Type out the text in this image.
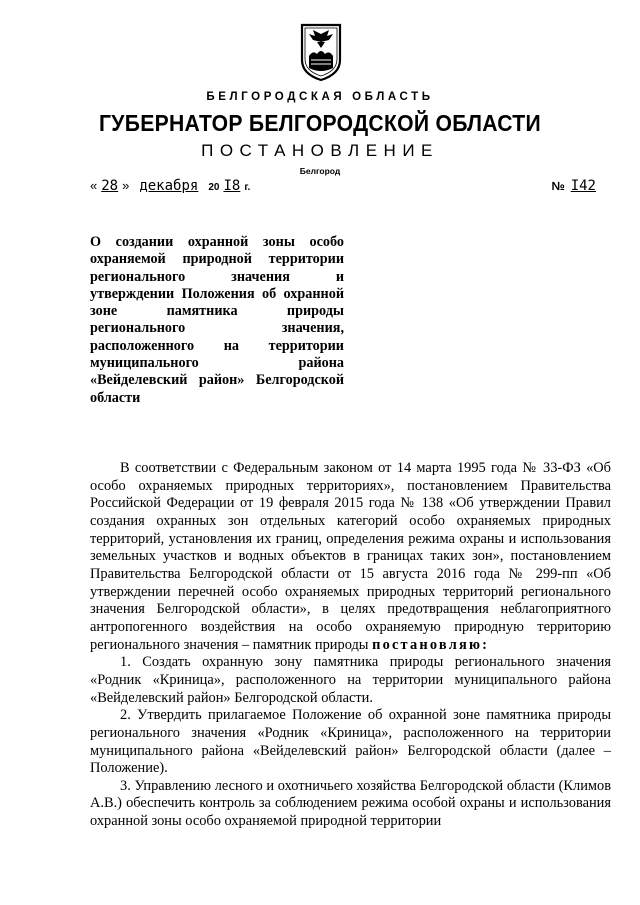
БЕЛГОРОДСКАЯ ОБЛАСТЬ
ГУБЕРНАТОР БЕЛГОРОДСКОЙ ОБЛАСТИ
ПОСТАНОВЛЕНИЕ
Белгород
« 28 » декабря 20 I8 г.	№ I42
О создании охранной зоны особо охраняемой природной территории регионального значения и утверждении Положения об охранной зоне памятника природы регионального значения, расположенного на территории муниципального района «Вейделевский район» Белгородской области

В соответствии с Федеральным законом от 14 марта 1995 года № 33-ФЗ «Об особо охраняемых природных территориях», постановлением Правительства Российской Федерации от 19 февраля 2015 года № 138 «Об утверждении Правил создания охранных зон отдельных категорий особо охраняемых природных территорий, установления их границ, определения режима охраны и использования земельных участков и водных объектов в границах таких зон», постановлением Правительства Белгородской области от 15 августа 2016 года № 299-пп «Об утверждении перечней особо охраняемых природных территорий регионального значения Белгородской области», в целях предотвращения неблагоприятного антропогенного воздействия на особо охраняемую природную территорию регионального значения – памятник природы постановляю:

1. Создать охранную зону памятника природы регионального значения «Родник «Криница», расположенного на территории муниципального района «Вейделевский район» Белгородской области.

2. Утвердить прилагаемое Положение об охранной зоне памятника природы регионального значения «Родник «Криница», расположенного на территории муниципального района «Вейделевский район» Белгородской области (далее – Положение).

3. Управлению лесного и охотничьего хозяйства Белгородской области (Климов А.В.) обеспечить контроль за соблюдением режима особой охраны и использования охранной зоны особо охраняемой природной территории
